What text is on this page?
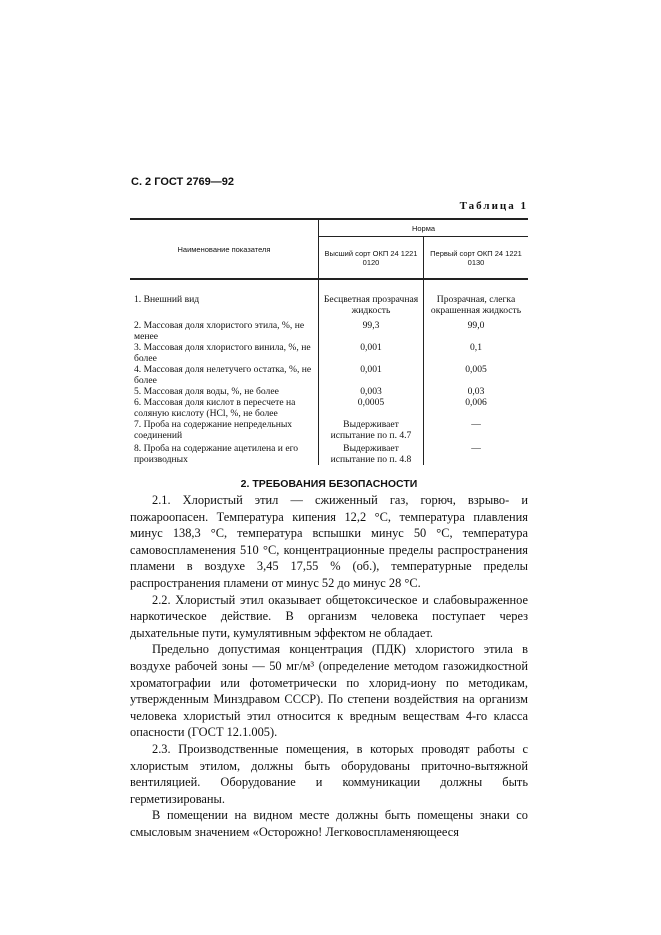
С. 2 ГОСТ 2769—92
Таблица 1
Наименование показателя	Норма	
	Высший сорт ОКП 24 1221 0120	Первый сорт ОКП 24 1221 0130
1. Внешний вид	Бесцветная прозрачная жидкость	Прозрачная, слегка окрашенная жидкость
2. Массовая доля хлористого этила, %, не менее	99,3	99,0
3. Массовая доля хлористого винила, %, не более	0,001	0,1
4. Массовая доля нелетучего остатка, %, не более	0,001	0,005
5. Массовая доля воды, %, не более	0,003	0,03
6. Массовая доля кислот в пересчете на соляную кислоту (HCl, %, не более	0,0005	0,006
7. Проба на содержание непредельных соединений	Выдерживает испытание по п. 4.7	—
8. Проба на содержание ацетилена и его производных	Выдерживает испытание по п. 4.8	—
2. ТРЕБОВАНИЯ БЕЗОПАСНОСТИ

2.1. Хлористый этил — сжиженный газ, горюч, взрыво- и пожароопасен. Температура кипения 12,2 °С, температура плавления минус 138,3 °С, температура вспышки минус 50 °С, температура самовоспламенения 510 °С, концентрационные пределы распространения пламени в воздухе 3,45 17,55 % (об.), температурные пределы распространения пламени от минус 52 до минус 28 °С.

2.2. Хлористый этил оказывает общетоксическое и слабовыраженное наркотическое действие. В организм человека поступает через дыхательные пути, кумулятивным эффектом не обладает.

Предельно допустимая концентрация (ПДК) хлористого этила в воздухе рабочей зоны — 50 мг/м³ (определение методом газожидкостной хроматографии или фотометрически по хлорид-иону по методикам, утвержденным Минздравом СССР). По степени воздействия на организм человека хлористый этил относится к вредным веществам 4-го класса опасности (ГОСТ 12.1.005).

2.3. Производственные помещения, в которых проводят работы с хлористым этилом, должны быть оборудованы приточно-вытяжной вентиляцией. Оборудование и коммуникации должны быть герметизированы.

В помещении на видном месте должны быть помещены знаки со смысловым значением «Осторожно! Легковоспламеняющееся
